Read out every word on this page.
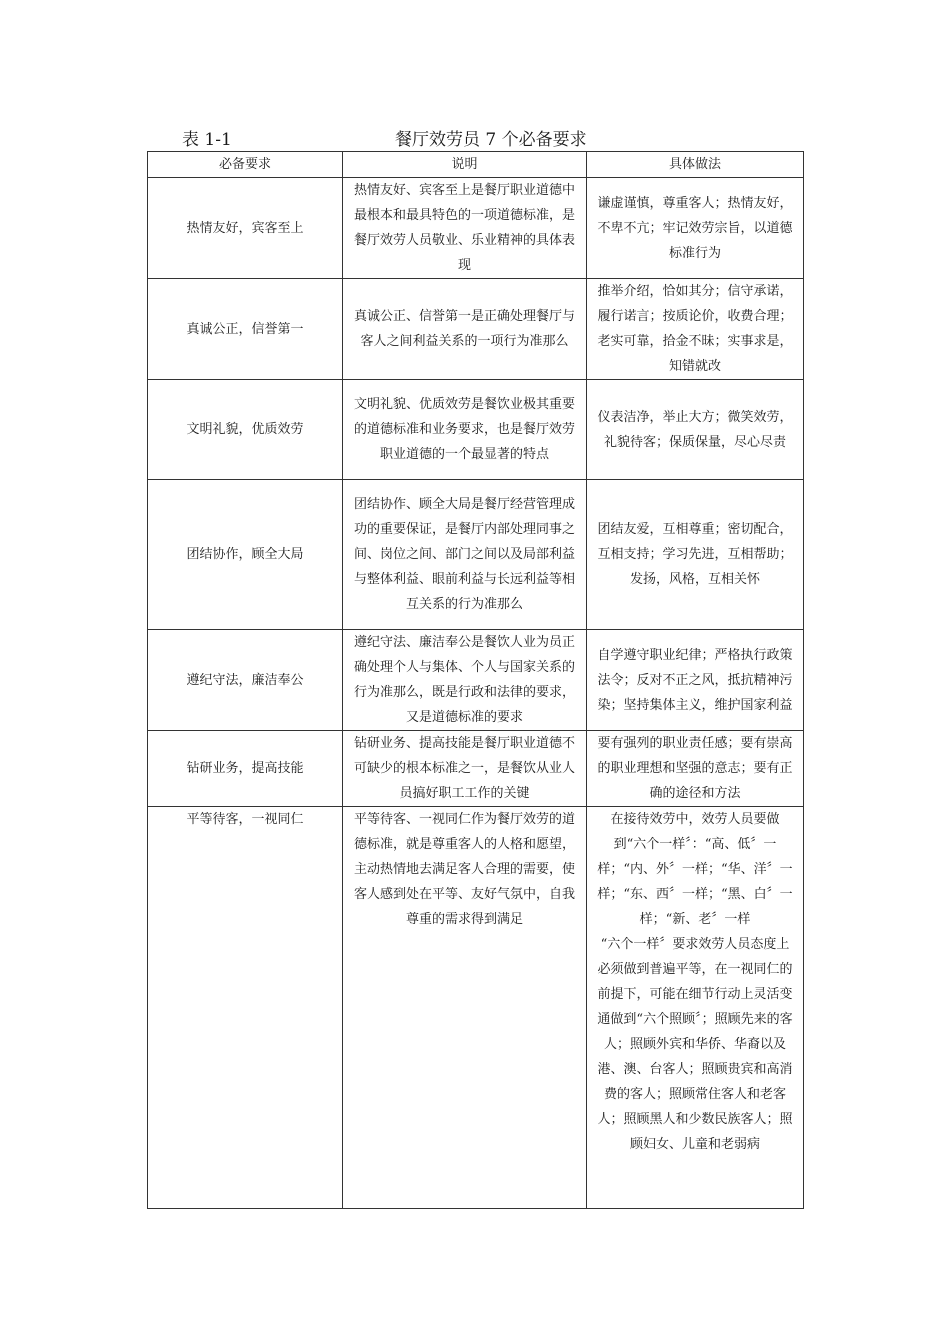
表 1-1	餐厅效劳员 7 个必备要求
必备要求	说明	具体做法
热情友好，宾客至上	热情友好、宾客至上是餐厅职业道德中最根本和最具特色的一项道德标准，是餐厅效劳人员敬业、乐业精神的具体表现	谦虚谨慎，尊重客人；热情友好，不卑不亢；牢记效劳宗旨，以道德标准行为
真诚公正，信誉第一	真诚公正、信誉第一是正确处理餐厅与客人之间利益关系的一项行为准那么	推举介绍，恰如其分；信守承诺，履行诺言；按质论价，收费合理；老实可靠，拾金不昧；实事求是，知错就改
文明礼貌，优质效劳	文明礼貌、优质效劳是餐饮业极其重要的道德标准和业务要求，也是餐厅效劳职业道德的一个最显著的特点	仪表洁净，举止大方；微笑效劳，礼貌待客；保质保量，尽心尽责
团结协作，顾全大局	团结协作、顾全大局是餐厅经营管理成功的重要保证，是餐厅内部处理同事之间、岗位之间、部门之间以及局部利益与整体利益、眼前利益与长远利益等相互关系的行为准那么	团结友爱，互相尊重；密切配合，互相支持；学习先进，互相帮助；发扬，风格，互相关怀
遵纪守法，廉洁奉公	遵纪守法、廉洁奉公是餐饮人业为员正确处理个人与集体、个人与国家关系的行为准那么，既是行政和法律的要求，又是道德标准的要求	自学遵守职业纪律；严格执行政策法令；反对不正之风，抵抗精神污染；坚持集体主义，维护国家利益
钻研业务，提高技能	钻研业务、提高技能是餐厅职业道德不可缺少的根本标准之一，是餐饮从业人员搞好职工工作的关键	要有强列的职业责任感；要有崇高的职业理想和坚强的意志；要有正确的途径和方法
平等待客，一视同仁	平等待客、一视同仁作为餐厅效劳的道德标准，就是尊重客人的人格和愿望，主动热情地去满足客人合理的需要，使客人感到处在平等、友好气氛中，自我尊重的需求得到满足	在接待效劳中，效劳人员要做到“六个一样〞：“高、低〞一样；“内、外〞一样；“华、洋〞一样；“东、西〞一样；“黑、白〞一样；“新、老〞一样
“六个一样〞要求效劳人员态度上必须做到普遍平等，在一视同仁的前提下，可能在细节行动上灵活变通做到“六个照顾〞；照顾先来的客人；照顾外宾和华侨、华裔以及港、澳、台客人；照顾贵宾和高消费的客人；照顾常住客人和老客人；照顾黑人和少数民族客人；照顾妇女、儿童和老弱病
